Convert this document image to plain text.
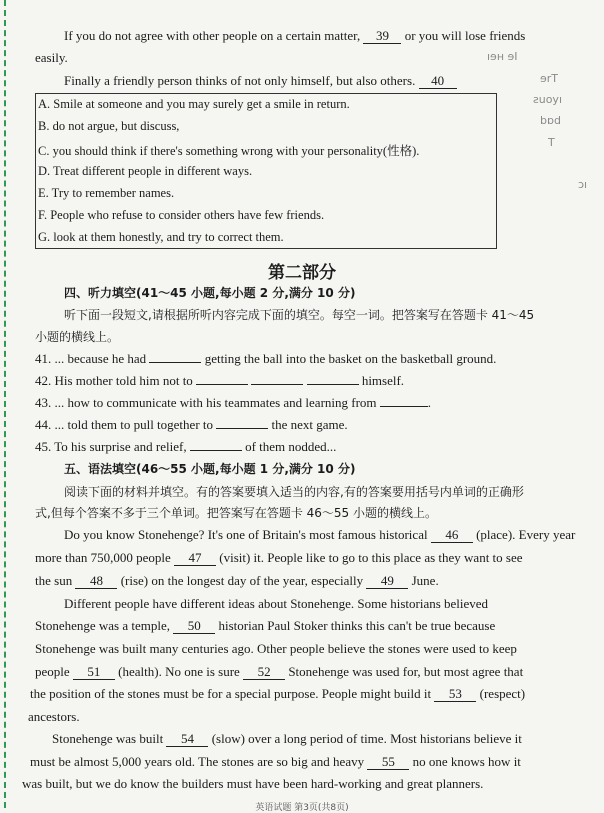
ıɘʜ ɘI
ɘrT
ƨuoyı
bɒd
T
ɔı
If you do not agree with other people on a certain matter, 39 or you will lose friends
easily.
Finally a friendly person thinks of not only himself, but also others. 40
A. Smile at someone and you may surely get a smile in return.
B. do not argue, but discuss,
C. you should think if there's something wrong with your personality(性格).
D. Treat different people in different ways.
E. Try to remember names.
F. People who refuse to consider others have few friends.
G. look at them honestly, and try to correct them.
第二部分
四、听力填空(41～45 小题,每小题 2 分,满分 10 分)
听下面一段短文,请根据所听内容完成下面的填空。每空一词。把答案写在答题卡 41～45
小题的横线上。
41. ... because he had	getting the ball into the basket on the basketball ground.
42. His mother told him not to	himself.
43. ... how to communicate with his teammates and learning from	.
44. ... told them to pull together to	the next game.
45. To his surprise and relief,	of them nodded...
五、语法填空(46～55 小题,每小题 1 分,满分 10 分)
阅读下面的材料并填空。有的答案要填入适当的内容,有的答案要用括号内单词的正确形
式,但每个答案不多于三个单词。把答案写在答题卡 46～55 小题的横线上。
Do you know Stonehenge? It's one of Britain's most famous historical 46 (place). Every year
more than 750,000 people 47 (visit) it. People like to go to this place as they want to see
the sun 48 (rise) on the longest day of the year, especially 49 June.
Different people have different ideas about Stonehenge. Some historians believed
Stonehenge was a temple, 50 historian Paul Stoker thinks this can't be true because
Stonehenge was built many centuries ago. Other people believe the stones were used to keep
people 51 (health). No one is sure 52 Stonehenge was used for, but most agree that
the position of the stones must be for a special purpose. People might build it 53 (respect)
ancestors.
Stonehenge was built 54 (slow) over a long period of time. Most historians believe it
must be almost 5,000 years old. The stones are so big and heavy 55 no one knows how it
was built, but we do know the builders must have been hard-working and great planners.
英语试题 第3页(共8页)
